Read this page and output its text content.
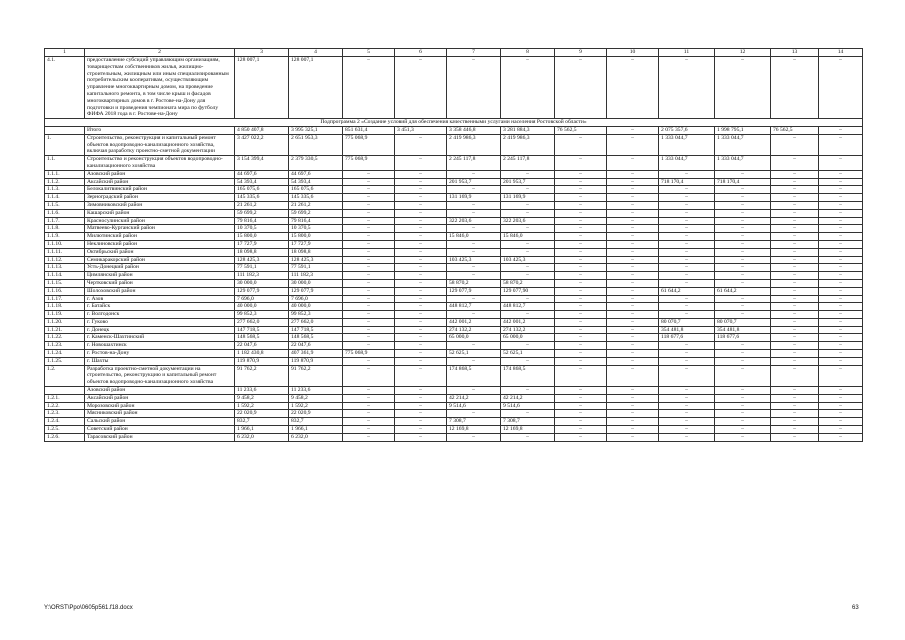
1	2	3	4	5	6	7	8	9	10	11	12	13	14
4.1.	предоставление субсидий управляющим организациям, товариществам собственников жилья, жилищно-строительным, жилищным или иным специализированным потребительским кооперативам, осуществляющим управление многоквартирным домом, на проведение капитального ремонта, в том числе крыш и фасадов многоквартирных домов в г. Ростове-на-Дону для подготовки и проведения чемпионата мира по футболу ФИФА 2018 года в г. Ростове-на-Дону	128 007,1	128 007,1	–	–	–	–	–	–	–	–	–	–
Подпрограмма 2 «Создание условий для обеспечения качественными услугами населения Ростовской области»													
	Итого	4 850 407,8	3 995 325,1	851 631,4	3 451,3	3 358 446,8	3 281 884,3	76 562,5	–	2 075 357,6	1 998 795,1	76 562,5	–
1.	Строительство, реконструкция и капитальный ремонт объектов водопроводно-канализационного хозяйства, включая разработку проектно-сметной документации	3 427 022,2	2 651 953,3	775 068,9	–	2 419 986,3	2 419 986,3	–	–	1 333 044,7	1 333 044,7	–	–
1.1.	Строительство и реконструкция объектов водопроводно-канализационного хозяйства	3 154 399,4	2 379 330,5	775 068,9	–	2 245 117,8	2 245 117,8	–	–	1 333 044,7	1 333 044,7	–	–
1.1.1.	Азовский район	44 697,6	44 697,6	–	–	–	–	–	–	–	–	–	–
1.1.2.	Аксайский район	54 393,4	54 393,4	–	–	201 953,7	201 953,7	–	–	718 170,4	718 170,4	–	–
1.1.3.	Белокалитвинский район	165 075,6	165 075,6	–	–	–	–	–	–	–	–	–	–
1.1.4.	Зерноградский район	145 335,6	145 335,6	–	–	131 169,9	131 169,9	–	–	–	–	–	–
1.1.5.	Зимовниковский район	21 261,2	21 261,2	–	–	–	–	–	–	–	–	–	–
1.1.6.	Кашарский район	59 699,2	59 699,2	–	–	–	–	–	–	–	–	–	–
1.1.7.	Красносулинский район	79 816,4	79 816,4	–	–	322 203,6	322 203,6	–	–	–	–	–	–
1.1.8.	Матвеево-Курганский район	10 370,5	10 370,5	–	–	–	–	–	–	–	–	–	–
1.1.9.	Милютинский район	15 800,0	15 800,0	–	–	15 846,0	15 846,0	–	–	–	–	–	–
1.1.10.	Неклиновский район	17 727,9	17 727,9	–	–	–	–	–	–	–	–	–	–
1.1.11.	Октябрьский район	18 098,8	18 098,8	–	–	–	–	–	–	–	–	–	–
1.1.12.	Семикаракорский район	128 425,3	128 425,3	–	–	103 425,3	103 425,3	–	–	–	–	–	–
1.1.13.	Усть-Донецкий район	77 591,1	77 591,1	–	–	–	–	–	–	–	–	–	–
1.1.14.	Цимлянский район	111 182,3	111 182,3	–	–	–	–	–	–	–	–	–	–
1.1.15.	Чертковский район	30 000,0	30 000,0	–	–	58 870,2	58 870,2	–	–	–	–	–	–
1.1.16.	Шолоховский район	129 077,9	129 077,9	–	–	129 077,9	129 077,90	–	–	61 644,2	61 644,2	–	–
1.1.17.	г. Азов	7 696,0	7 696,0	–	–	–	–	–	–	–	–	–	–
1.1.18.	г. Батайск	40 000,0	40 000,0	–	–	448 812,7	448 812,7	–	–	–	–	–	–
1.1.19.	г. Волгодонск	99 852,3	99 852,3	–	–	–	–	–	–	–	–	–	–
1.1.20.	г. Гуково	277 662,0	277 662,0	–	–	442 001,2	442 001,2	–	–	80 070,7	80 070,7	–	–
1.1.21.	г. Донецк	147 718,5	147 718,5	–	–	274 132,2	274 132,2	–	–	354 481,8	354 481,8	–	–
1.1.22.	г. Каменск-Шахтинский	148 568,5	148 568,5	–	–	65 000,0	65 000,0	–	–	118 677,6	118 677,6	–	–
1.1.23.	г. Новошахтинск	22 047,6	22 047,6	–	–	–	–	–	–	–	–	–	–
1.1.24.	г. Ростов-на-Дону	1 182 430,8	407 361,9	775 068,9	–	52 625,1	52 625,1	–	–	–	–	–	–
1.1.25.	г. Шахты	119 870,9	119 870,9	–	–	–	–	–	–	–	–	–	–
1.2.	Разработка проектно-сметной документации на строительство, реконструкцию и капитальный ремонт объектов водопроводно-канализационного хозяйства	91 762,2	91 762,2	–	–	174 868,5	174 868,5	–	–	–	–	–	–
	Азовский район	11 233,6	11 233,6	–	–	–	–	–	–	–	–	–	–
1.2.1.	Аксайский район	9 458,2	9 458,2	–	–	42 214,2	42 214,2	–	–	–	–	–	–
1.2.2.	Морозовский район	1 592,2	1 592,2	–	–	9 514,6	9 514,6	–	–	–	–	–	–
1.2.3.	Мясниковский район	22 020,9	22 020,9	–	–	–	–	–	–	–	–	–	–
1.2.4.	Сальский район	832,7	832,7	–	–	7 308,7	7 308,7	–	–	–	–	–	–
1.2.5.	Советский район	1 966,1	1 966,1	–	–	12 169,8	12 169,8	–	–	–	–	–	–
1.2.6.	Тарасовский район	6 232,0	6 232,0	–	–	–	–	–	–	–	–	–	–
Y:\ORST\Ppo\0605p561.f18.docx	63
